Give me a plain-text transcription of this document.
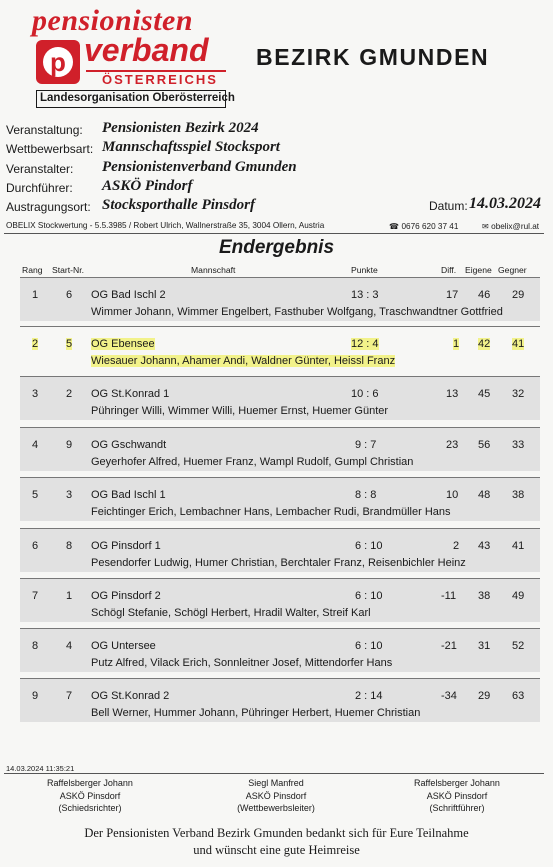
pensionisten
p verband
ÖSTERREICHS
Landesorganisation Oberösterreich
BEZIRK GMUNDEN
Veranstaltung: Pensionisten Bezirk 2024
Wettbewerbsart: Mannschaftsspiel Stocksport
Veranstalter: Pensionistenverband Gmunden
Durchführer: ASKÖ Pindorf
Austragungsort: Stocksporthalle Pinsdorf	Datum: 14.03.2024
OBELIX Stockwertung - 5.5.3985 / Robert Ulrich, Wallnerstraße 35, 3004 Ollern, Austria	☎ 0676 620 37 41	✉ obelix@rul.at
Endergebnis
Rang Start-Nr.	Mannschaft	Punkte	Diff. Eigene Gegner
1	6 OG Bad Ischl 2	13 : 3	17 46 29
Wimmer Johann, Wimmer Engelbert, Fasthuber Wolfgang, Traschwandtner Gottfried
2	5 OG Ebensee	12 : 4	1 42 41
Wiesauer Johann, Ahamer Andi, Waldner Günter, Heissl Franz
3	2 OG St.Konrad 1	10 : 6	13 45 32
Pühringer Willi, Wimmer Willi, Huemer Ernst, Huemer Günter
4	9 OG Gschwandt	9 : 7	23 56 33
Geyerhofer Alfred, Huemer Franz, Wampl Rudolf, Gumpl Christian
5	3 OG Bad Ischl 1	8 : 8	10 48 38
Feichtinger Erich, Lembachner Hans, Lembacher Rudi, Brandmüller Hans
6	8 OG Pinsdorf 1	6 : 10	2 43 41
Pesendorfer Ludwig, Humer Christian, Berchtaler Franz, Reisenbichler Heinz
7	1 OG Pinsdorf 2	6 : 10	-11 38 49
Schögl Stefanie, Schögl Herbert, Hradil Walter, Streif Karl
8	4 OG Untersee	6 : 10	-21 31 52
Putz Alfred, Vilack Erich, Sonnleitner Josef, Mittendorfer Hans
9	7 OG St.Konrad 2	2 : 14	-34 29 63
Bell Werner, Hummer Johann, Pühringer Herbert, Huemer Christian
14.03.2024 11:35:21
Raffelsberger Johann
ASKÖ Pinsdorf
(Schiedsrichter)
Siegl Manfred
ASKÖ Pinsdorf
(Wettbewerbsleiter)
Raffelsberger Johann
ASKÖ Pinsdorf
(Schriftführer)
Der Pensionisten Verband Bezirk Gmunden bedankt sich für Eure Teilnahme
und wünscht eine gute Heimreise
